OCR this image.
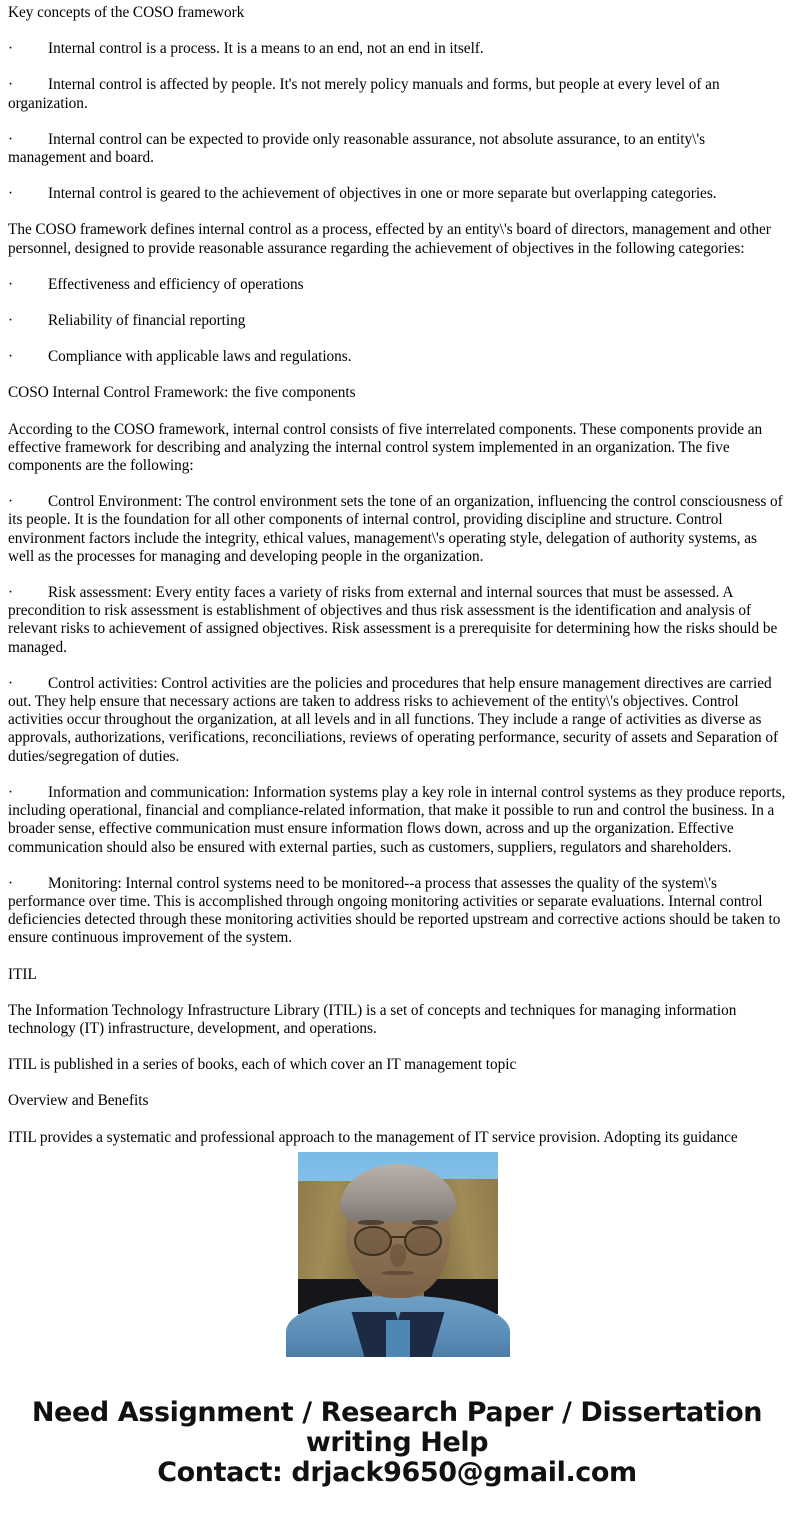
Key concepts of the COSO framework

· Internal control is a process. It is a means to an end, not an end in itself.

· Internal control is affected by people. It's not merely policy manuals and forms, but people at every level of an organization.

· Internal control can be expected to provide only reasonable assurance, not absolute assurance, to an entity\'s management and board.

· Internal control is geared to the achievement of objectives in one or more separate but overlapping categories.

The COSO framework defines internal control as a process, effected by an entity\'s board of directors, management and other personnel, designed to provide reasonable assurance regarding the achievement of objectives in the following categories:

· Effectiveness and efficiency of operations

· Reliability of financial reporting

· Compliance with applicable laws and regulations.

COSO Internal Control Framework: the five components

According to the COSO framework, internal control consists of five interrelated components. These components provide an effective framework for describing and analyzing the internal control system implemented in an organization. The five components are the following:

· Control Environment: The control environment sets the tone of an organization, influencing the control consciousness of its people. It is the foundation for all other components of internal control, providing discipline and structure. Control environment factors include the integrity, ethical values, management\'s operating style, delegation of authority systems, as well as the processes for managing and developing people in the organization.

· Risk assessment: Every entity faces a variety of risks from external and internal sources that must be assessed. A precondition to risk assessment is establishment of objectives and thus risk assessment is the identification and analysis of relevant risks to achievement of assigned objectives. Risk assessment is a prerequisite for determining how the risks should be managed.

· Control activities: Control activities are the policies and procedures that help ensure management directives are carried out. They help ensure that necessary actions are taken to address risks to achievement of the entity\'s objectives. Control activities occur throughout the organization, at all levels and in all functions. They include a range of activities as diverse as approvals, authorizations, verifications, reconciliations, reviews of operating performance, security of assets and Separation of duties/segregation of duties.

· Information and communication: Information systems play a key role in internal control systems as they produce reports, including operational, financial and compliance-related information, that make it possible to run and control the business. In a broader sense, effective communication must ensure information flows down, across and up the organization. Effective communication should also be ensured with external parties, such as customers, suppliers, regulators and shareholders.

· Monitoring: Internal control systems need to be monitored--a process that assesses the quality of the system\'s performance over time. This is accomplished through ongoing monitoring activities or separate evaluations. Internal control deficiencies detected through these monitoring activities should be reported upstream and corrective actions should be taken to ensure continuous improvement of the system.

ITIL

The Information Technology Infrastructure Library (ITIL) is a set of concepts and techniques for managing information technology (IT) infrastructure, development, and operations.

ITIL is published in a series of books, each of which cover an IT management topic

Overview and Benefits

ITIL provides a systematic and professional approach to the management of IT service provision. Adopting its guidance

Need Assignment / Research Paper / Dissertation
writing Help
Contact: drjack9650@gmail.com
